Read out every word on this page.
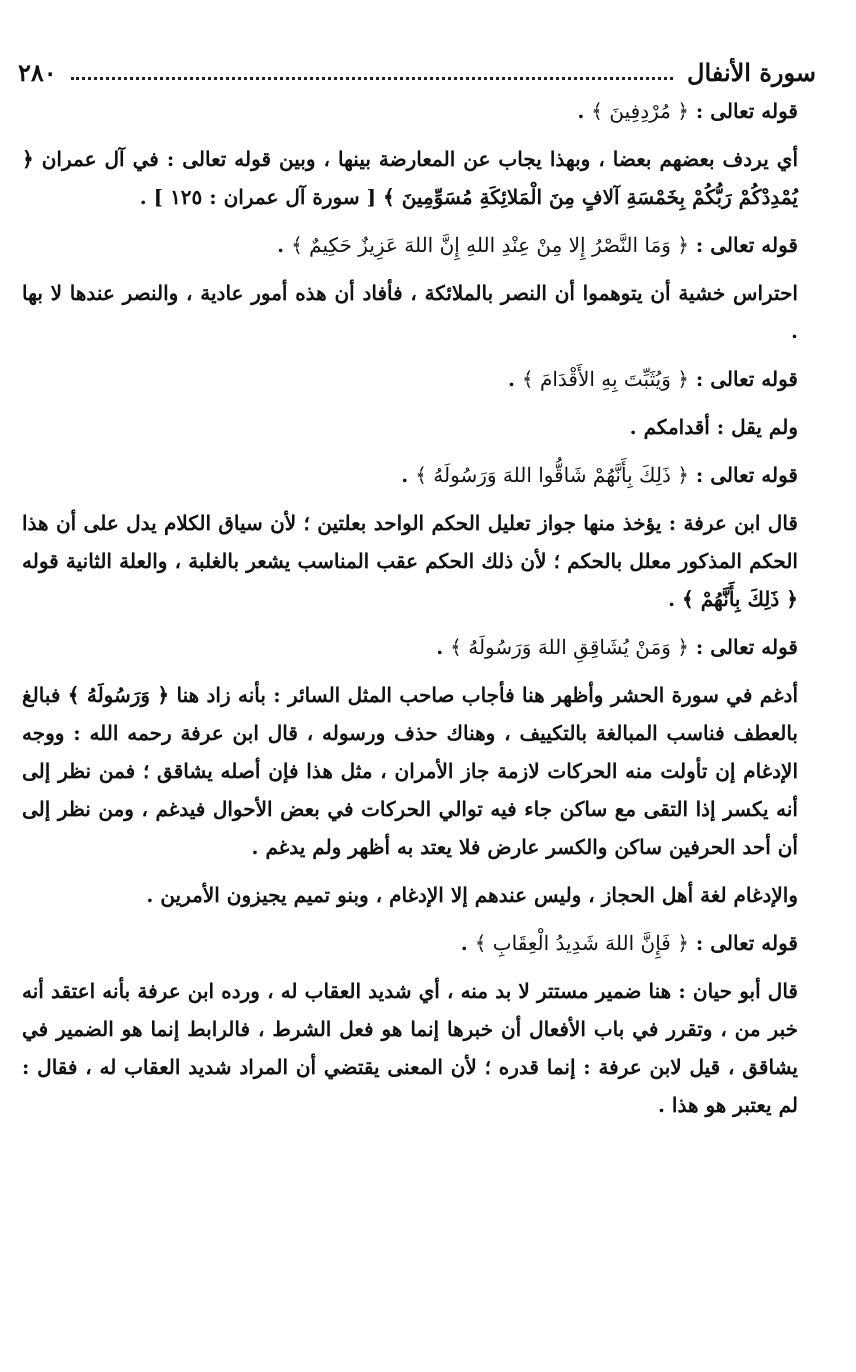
سورة الأنفال
٢٨٠

قوله تعالى : ﴿ مُرْدِفِينَ ﴾ .

أي يردف بعضهم بعضا ، وبهذا يجاب عن المعارضة بينها ، وبين قوله تعالى : في آل عمران ﴿ يُمْدِدْكُمْ رَبُّكُمْ بِخَمْسَةِ آلافٍ مِنَ الْمَلائِكَةِ مُسَوِّمِينَ ﴾ [ سورة آل عمران : ١٢٥ ] .

قوله تعالى : ﴿ وَمَا النَّصْرُ إِلا مِنْ عِنْدِ اللهِ إِنَّ اللهَ عَزِيزٌ حَكِيمٌ ﴾ .

احتراس خشية أن يتوهموا أن النصر بالملائكة ، فأفاد أن هذه أمور عادية ، والنصر عندها لا بها .

قوله تعالى : ﴿ وَيُثَبِّتَ بِهِ الأَقْدَامَ ﴾ .

ولم يقل : أقدامكم .

قوله تعالى : ﴿ ذَلِكَ بِأَنَّهُمْ شَاقُّوا اللهَ وَرَسُولَهُ ﴾ .

قال ابن عرفة : يؤخذ منها جواز تعليل الحكم الواحد بعلتين ؛ لأن سياق الكلام يدل على أن هذا الحكم المذكور معلل بالحكم ؛ لأن ذلك الحكم عقب المناسب يشعر بالغلبة ، والعلة الثانية قوله ﴿ ذَلِكَ بِأَنَّهُمْ ﴾ .

قوله تعالى : ﴿ وَمَنْ يُشَاقِقِ اللهَ وَرَسُولَهُ ﴾ .

أدغم في سورة الحشر وأظهر هنا فأجاب صاحب المثل السائر : بأنه زاد هنا ﴿ وَرَسُولَهُ ﴾ فبالغ بالعطف فناسب المبالغة بالتكييف ، وهناك حذف ورسوله ، قال ابن عرفة رحمه الله : ووجه الإدغام إن تأولت منه الحركات لازمة جاز الأمران ، مثل هذا فإن أصله يشاقق ؛ فمن نظر إلى أنه يكسر إذا التقى مع ساكن جاء فيه توالي الحركات في بعض الأحوال فيدغم ، ومن نظر إلى أن أحد الحرفين ساكن والكسر عارض فلا يعتد به أظهر ولم يدغم .

والإدغام لغة أهل الحجاز ، وليس عندهم إلا الإدغام ، وبنو تميم يجيزون الأمرين .

قوله تعالى : ﴿ فَإِنَّ اللهَ شَدِيدُ الْعِقَابِ ﴾ .

قال أبو حيان : هنا ضمير مستتر لا بد منه ، أي شديد العقاب له ، ورده ابن عرفة بأنه اعتقد أنه خبر من ، وتقرر في باب الأفعال أن خبرها إنما هو فعل الشرط ، فالرابط إنما هو الضمير في يشاقق ، قيل لابن عرفة : إنما قدره ؛ لأن المعنى يقتضي أن المراد شديد العقاب له ، فقال : لم يعتبر هو هذا .
